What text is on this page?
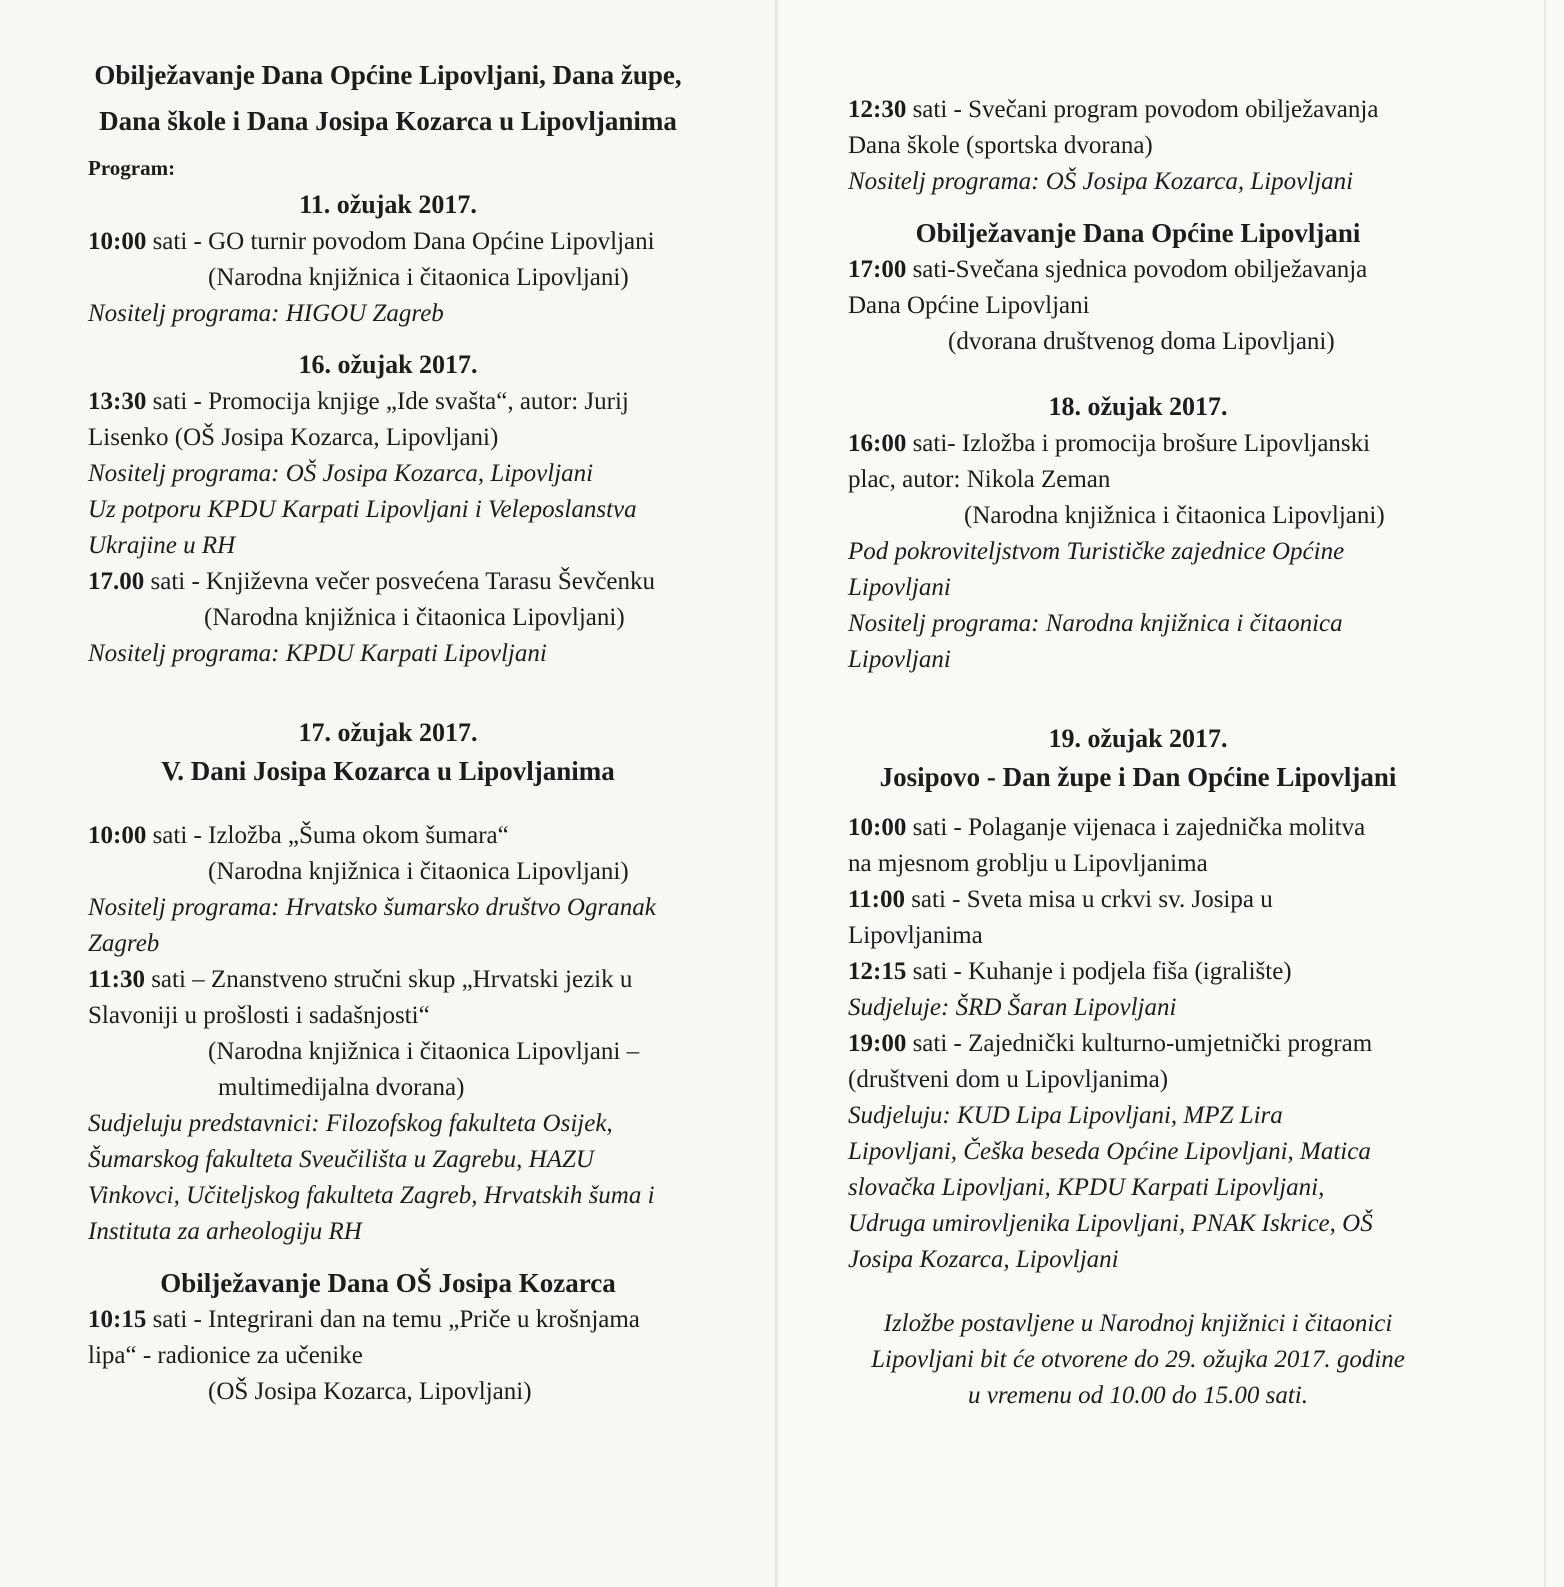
Obilježavanje Dana Općine Lipovljani, Dana župe,
Dana škole i Dana Josipa Kozarca u Lipovljanima
Program:
11. ožujak 2017.
10:00 sati - GO turnir povodom Dana Općine Lipovljani
(Narodna knjižnica i čitaonica Lipovljani)
Nositelj programa: HIGOU Zagreb
16. ožujak 2017.
13:30 sati - Promocija knjige „Ide svašta“, autor: Jurij
Lisenko (OŠ Josipa Kozarca, Lipovljani)
Nositelj programa: OŠ Josipa Kozarca, Lipovljani
Uz potporu KPDU Karpati Lipovljani i Veleposlanstva
Ukrajine u RH
17.00 sati - Književna večer posvećena Tarasu Ševčenku
(Narodna knjižnica i čitaonica Lipovljani)
Nositelj programa: KPDU Karpati Lipovljani
17. ožujak 2017.
V. Dani Josipa Kozarca u Lipovljanima
10:00 sati - Izložba „Šuma okom šumara“
(Narodna knjižnica i čitaonica Lipovljani)
Nositelj programa: Hrvatsko šumarsko društvo Ogranak
Zagreb
11:30 sati – Znanstveno stručni skup „Hrvatski jezik u
Slavoniji u prošlosti i sadašnjosti“
(Narodna knjižnica i čitaonica Lipovljani –
multimedijalna dvorana)
Sudjeluju predstavnici: Filozofskog fakulteta Osijek,
Šumarskog fakulteta Sveučilišta u Zagrebu, HAZU
Vinkovci, Učiteljskog fakulteta Zagreb, Hrvatskih šuma i
Instituta za arheologiju RH
Obilježavanje Dana OŠ Josipa Kozarca
10:15 sati - Integrirani dan na temu „Priče u krošnjama
lipa“ - radionice za učenike
(OŠ Josipa Kozarca, Lipovljani)
12:30 sati - Svečani program povodom obilježavanja
Dana škole (sportska dvorana)
Nositelj programa: OŠ Josipa Kozarca, Lipovljani
Obilježavanje Dana Općine Lipovljani
17:00 sati-Svečana sjednica povodom obilježavanja
Dana Općine Lipovljani
(dvorana društvenog doma Lipovljani)
18. ožujak 2017.
16:00 sati- Izložba i promocija brošure Lipovljanski
plac, autor: Nikola Zeman
(Narodna knjižnica i čitaonica Lipovljani)
Pod pokroviteljstvom Turističke zajednice Općine
Lipovljani
Nositelj programa: Narodna knjižnica i čitaonica
Lipovljani
19. ožujak 2017.
Josipovo - Dan župe i Dan Općine Lipovljani
10:00 sati - Polaganje vijenaca i zajednička molitva
na mjesnom groblju u Lipovljanima
11:00 sati - Sveta misa u crkvi sv. Josipa u
Lipovljanima
12:15 sati - Kuhanje i podjela fiša (igralište)
Sudjeluje: ŠRD Šaran Lipovljani
19:00 sati - Zajednički kulturno-umjetnički program
(društveni dom u Lipovljanima)
Sudjeluju: KUD Lipa Lipovljani, MPZ Lira
Lipovljani, Češka beseda Općine Lipovljani, Matica
slovačka Lipovljani, KPDU Karpati Lipovljani,
Udruga umirovljenika Lipovljani, PNAK Iskrice, OŠ
Josipa Kozarca, Lipovljani
Izložbe postavljene u Narodnoj knjižnici i čitaonici
Lipovljani bit će otvorene do 29. ožujka 2017. godine
u vremenu od 10.00 do 15.00 sati.
